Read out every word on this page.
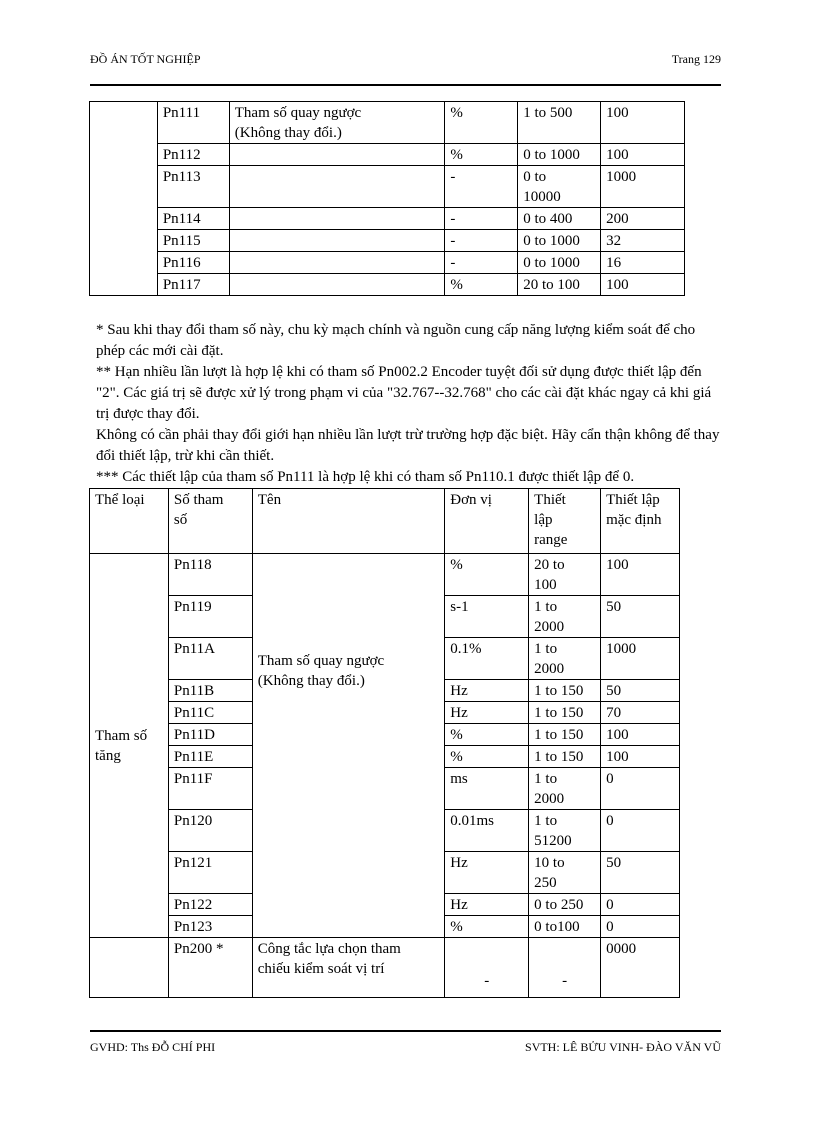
ĐỒ ÁN TỐT NGHIỆP	Trang 129
	Pn111	Tham số quay ngược
(Không thay đổi.)	%	1 to 500	100
	Pn112		%	0 to 1000	100
	Pn113		-	0 to
10000	1000
	Pn114		-	0 to 400	200
	Pn115		-	0 to 1000	32
	Pn116		-	0 to 1000	16
	Pn117		%	20 to 100	100

* Sau khi thay đổi tham số này, chu kỳ mạch chính và nguồn cung cấp năng lượng kiểm soát để cho phép các mới cài đặt.

** Hạn nhiều lần lượt là hợp lệ khi có tham số Pn002.2 Encoder tuyệt đối sử dụng được thiết lập đến "2". Các giá trị sẽ được xử lý trong phạm vi của "32.767--32.768" cho các cài đặt khác ngay cả khi giá trị được thay đổi.

Không có cần phải thay đổi giới hạn nhiều lần lượt trừ trường hợp đặc biệt. Hãy cẩn thận không để thay đổi thiết lập, trừ khi cần thiết.

*** Các thiết lập của tham số Pn111 là hợp lệ khi có tham số Pn110.1 được thiết lập để 0.

Thể loại	Số tham
số	Tên	Đơn vị	Thiết
lập
range	Thiết lập
mặc định
Tham số
tăng	Pn118	Tham số quay ngược
(Không thay đổi.)	%	20 to
100	100
	Pn119		s-1	1 to
2000	50
	Pn11A		0.1%	1 to
2000	1000
	Pn11B		Hz	1 to 150	50
	Pn11C		Hz	1 to 150	70
	Pn11D		%	1 to 150	100
	Pn11E		%	1 to 150	100
	Pn11F		ms	1 to
2000	0
	Pn120		0.01ms	1 to
51200	0
	Pn121		Hz	10 to
250	50
	Pn122		Hz	0 to 250	0
	Pn123		%	0 to100	0
	Pn200 *	Công tắc lựa chọn tham
chiếu kiểm soát vị trí	-	-	0000
GVHD: Ths ĐỖ CHÍ PHI	SVTH: LÊ BỬU VINH- ĐÀO VĂN VŨ
